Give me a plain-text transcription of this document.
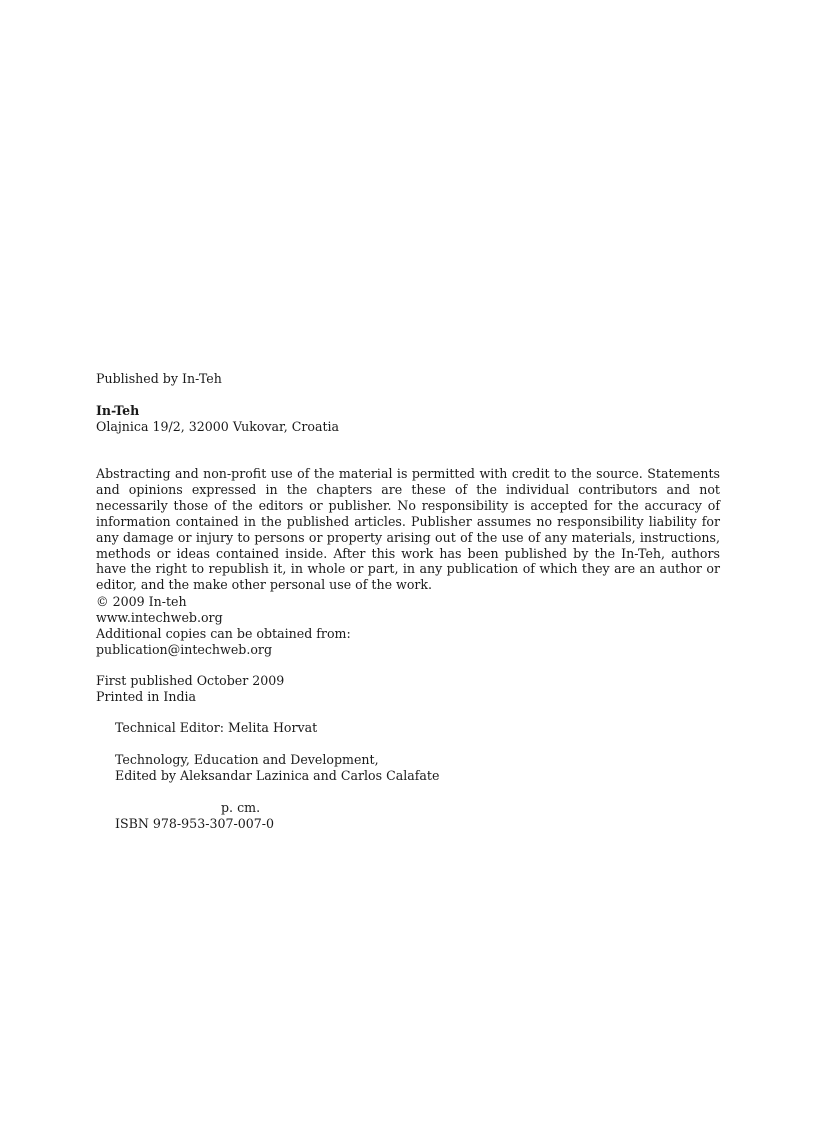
Published by In-Teh
In-Teh
Olajnica 19/2, 32000 Vukovar, Croatia
Abstracting and non-profit use of the material is permitted with credit to the source. Statements and opinions expressed in the chapters are these of the individual contributors and not necessarily those of the editors or publisher. No responsibility is accepted for the accuracy of information contained in the published articles. Publisher assumes no responsibility liability for any damage or injury to persons or property arising out of the use of any materials, instructions, methods or ideas contained inside. After this work has been published by the In-Teh, authors have the right to republish it, in whole or part, in any publication of which they are an author or editor, and the make other personal use of the work.
© 2009 In-teh
www.intechweb.org
Additional copies can be obtained from:
publication@intechweb.org
First published October 2009
Printed in India
Technical Editor: Melita Horvat
Technology, Education and Development,
Edited by Aleksandar Lazinica and Carlos Calafate
p. cm.
ISBN 978-953-307-007-0
